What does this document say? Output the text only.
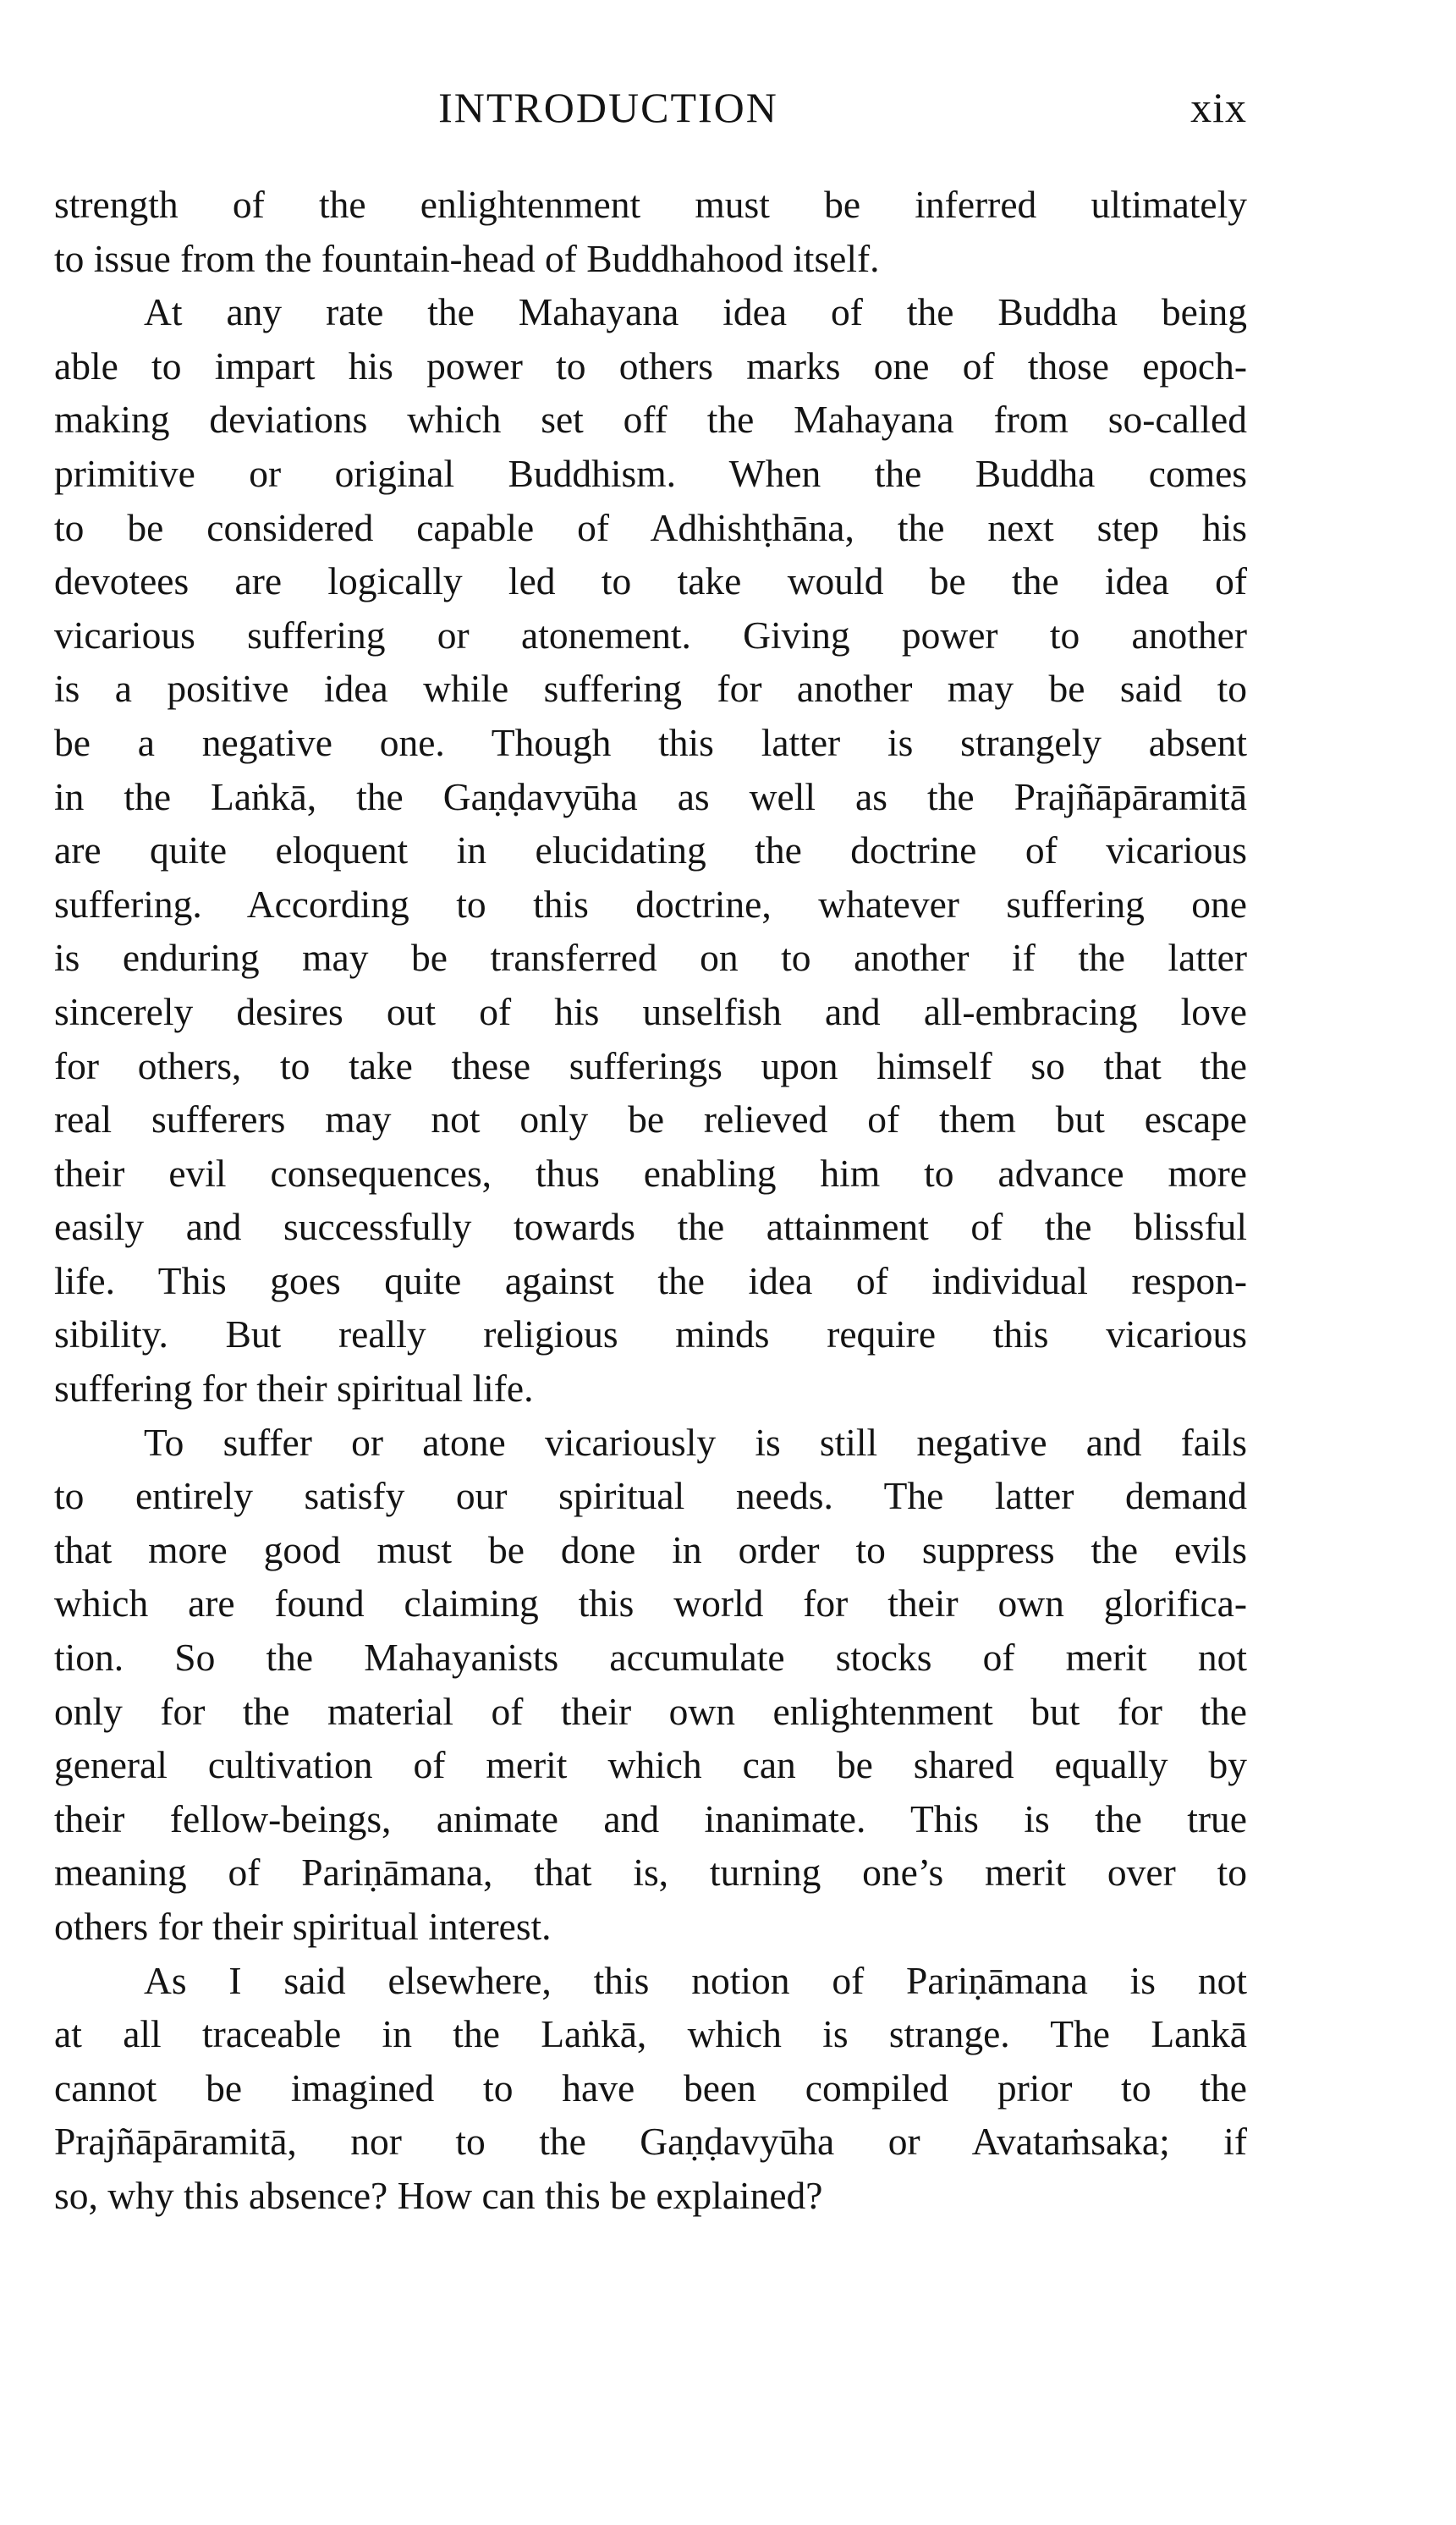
INTRODUCTION	xix
strength of the enlightenment must be inferred ultimately
to issue from the fountain-head of Buddhahood itself.
At any rate the Mahayana idea of the Buddha being
able to impart his power to others marks one of those epoch-
making deviations which set off the Mahayana from so-called
primitive or original Buddhism. When the Buddha comes
to be considered capable of Adhishṭhāna, the next step his
devotees are logically led to take would be the idea of
vicarious suffering or atonement. Giving power to another
is a positive idea while suffering for another may be said to
be a negative one. Though this latter is strangely absent
in the Laṅkā, the Gaṇḍavyūha as well as the Prajñāpāramitā
are quite eloquent in elucidating the doctrine of vicarious
suffering. According to this doctrine, whatever suffering one
is enduring may be transferred on to another if the latter
sincerely desires out of his unselfish and all-embracing love
for others, to take these sufferings upon himself so that the
real sufferers may not only be relieved of them but escape
their evil consequences, thus enabling him to advance more
easily and successfully towards the attainment of the blissful
life. This goes quite against the idea of individual respon-
sibility. But really religious minds require this vicarious
suffering for their spiritual life.
To suffer or atone vicariously is still negative and fails
to entirely satisfy our spiritual needs. The latter demand
that more good must be done in order to suppress the evils
which are found claiming this world for their own glorifica-
tion. So the Mahayanists accumulate stocks of merit not
only for the material of their own enlightenment but for the
general cultivation of merit which can be shared equally by
their fellow-beings, animate and inanimate. This is the true
meaning of Pariṇāmana, that is, turning one’s merit over to
others for their spiritual interest.
As I said elsewhere, this notion of Pariṇāmana is not
at all traceable in the Laṅkā, which is strange. The Lankā
cannot be imagined to have been compiled prior to the
Prajñāpāramitā, nor to the Gaṇḍavyūha or Avataṁsaka; if
so, why this absence? How can this be explained?
